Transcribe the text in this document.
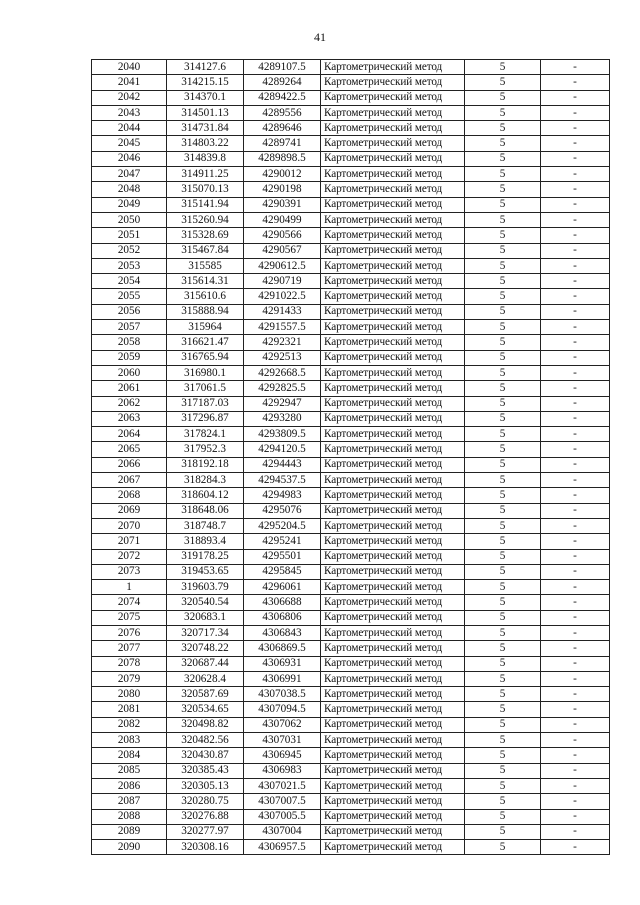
41
2040	314127.6	4289107.5	Картометрический метод	5	-
2041	314215.15	4289264	Картометрический метод	5	-
2042	314370.1	4289422.5	Картометрический метод	5	-
2043	314501.13	4289556	Картометрический метод	5	-
2044	314731.84	4289646	Картометрический метод	5	-
2045	314803.22	4289741	Картометрический метод	5	-
2046	314839.8	4289898.5	Картометрический метод	5	-
2047	314911.25	4290012	Картометрический метод	5	-
2048	315070.13	4290198	Картометрический метод	5	-
2049	315141.94	4290391	Картометрический метод	5	-
2050	315260.94	4290499	Картометрический метод	5	-
2051	315328.69	4290566	Картометрический метод	5	-
2052	315467.84	4290567	Картометрический метод	5	-
2053	315585	4290612.5	Картометрический метод	5	-
2054	315614.31	4290719	Картометрический метод	5	-
2055	315610.6	4291022.5	Картометрический метод	5	-
2056	315888.94	4291433	Картометрический метод	5	-
2057	315964	4291557.5	Картометрический метод	5	-
2058	316621.47	4292321	Картометрический метод	5	-
2059	316765.94	4292513	Картометрический метод	5	-
2060	316980.1	4292668.5	Картометрический метод	5	-
2061	317061.5	4292825.5	Картометрический метод	5	-
2062	317187.03	4292947	Картометрический метод	5	-
2063	317296.87	4293280	Картометрический метод	5	-
2064	317824.1	4293809.5	Картометрический метод	5	-
2065	317952.3	4294120.5	Картометрический метод	5	-
2066	318192.18	4294443	Картометрический метод	5	-
2067	318284.3	4294537.5	Картометрический метод	5	-
2068	318604.12	4294983	Картометрический метод	5	-
2069	318648.06	4295076	Картометрический метод	5	-
2070	318748.7	4295204.5	Картометрический метод	5	-
2071	318893.4	4295241	Картометрический метод	5	-
2072	319178.25	4295501	Картометрический метод	5	-
2073	319453.65	4295845	Картометрический метод	5	-
1	319603.79	4296061	Картометрический метод	5	-
2074	320540.54	4306688	Картометрический метод	5	-
2075	320683.1	4306806	Картометрический метод	5	-
2076	320717.34	4306843	Картометрический метод	5	-
2077	320748.22	4306869.5	Картометрический метод	5	-
2078	320687.44	4306931	Картометрический метод	5	-
2079	320628.4	4306991	Картометрический метод	5	-
2080	320587.69	4307038.5	Картометрический метод	5	-
2081	320534.65	4307094.5	Картометрический метод	5	-
2082	320498.82	4307062	Картометрический метод	5	-
2083	320482.56	4307031	Картометрический метод	5	-
2084	320430.87	4306945	Картометрический метод	5	-
2085	320385.43	4306983	Картометрический метод	5	-
2086	320305.13	4307021.5	Картометрический метод	5	-
2087	320280.75	4307007.5	Картометрический метод	5	-
2088	320276.88	4307005.5	Картометрический метод	5	-
2089	320277.97	4307004	Картометрический метод	5	-
2090	320308.16	4306957.5	Картометрический метод	5	-
